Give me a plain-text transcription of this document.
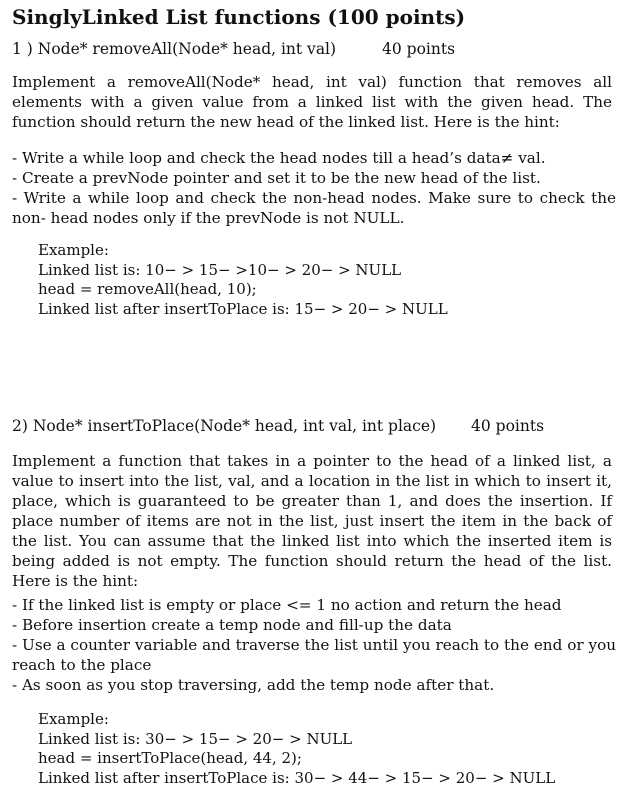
SinglyLinked List functions (100 points)
1 ) Node* removeAll(Node* head, int val)	40 points
Implement a removeAll(Node* head, int val) function that removes all elements with a given value from a linked list with the given head. The function should return the new head of the linked list. Here is the hint:
- Write a while loop and check the head nodes till a head’s data≠ val.
- Create a prevNode pointer and set it to be the new head of the list.
- Write a while loop and check the non-head nodes. Make sure to check the non- head nodes only if the prevNode is not NULL.
Example:
Linked list is: 10− > 15− >10− > 20− > NULL
head = removeAll(head, 10);
Linked list after insertToPlace is: 15− > 20− > NULL
2) Node* insertToPlace(Node* head, int val, int place) 40 points
Implement a function that takes in a pointer to the head of a linked list, a value to insert into the list, val, and a location in the list in which to insert it, place, which is guaranteed to be greater than 1, and does the insertion. If place number of items are not in the list, just insert the item in the back of the list. You can assume that the linked list into which the inserted item is being added is not empty. The function should return the head of the list. Here is the hint:
- If the linked list is empty or place <= 1 no action and return the head
- Before insertion create a temp node and fill-up the data
- Use a counter variable and traverse the list until you reach to the end or you reach to the place
- As soon as you stop traversing, add the temp node after that.
Example:
Linked list is: 30− > 15− > 20− > NULL
head = insertToPlace(head, 44, 2);
Linked list after insertToPlace is: 30− > 44− > 15− > 20− > NULL
